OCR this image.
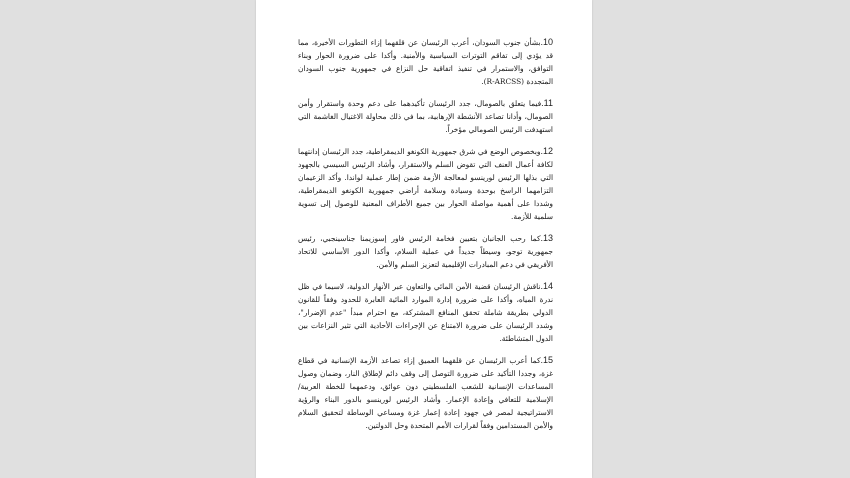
10.بشأن جنوب السودان، أعرب الرئيسان عن قلقهما إزاء التطورات الأخيرة، مما قد يؤدي إلى تفاقم التوترات السياسية والأمنية. وأكدا على ضرورة الحوار وبناء التوافق، والاستمرار في تنفيذ اتفاقية حل النزاع في جمهورية جنوب السودان المتجددة (R-ARCSS).

11.فيما يتعلق بالصومال، جدد الرئيسان تأكيدهما على دعم وحدة واستقرار وأمن الصومال، وأدانا تصاعد الأنشطة الإرهابية، بما في ذلك محاولة الاغتيال الغاشمة التي استهدفت الرئيس الصومالي مؤخراً.

12.وبخصوص الوضع في شرق جمهورية الكونغو الديمقراطية، جدد الرئيسان إدانتهما لكافة أعمال العنف التي تقوض السلم والاستقرار، وأشاد الرئيس السيسي بالجهود التي بذلها الرئيس لورينسو لمعالجة الأزمة ضمن إطار عملية لواندا. وأكد الزعيمان التزامهما الراسخ بوحدة وسيادة وسلامة أراضي جمهورية الكونغو الديمقراطية، وشددا على أهمية مواصلة الحوار بين جميع الأطراف المعنية للوصول إلى تسوية سلمية للأزمة.

13.كما رحب الجانبان بتعيين فخامة الرئيس فاور إسوزيمنا جناسينجبي، رئيس جمهورية توجو، وسيطاً جديداً في عملية السلام، وأكدا الدور الأساسي للاتحاد الأفريقي في دعم المبادرات الإقليمية لتعزيز السلم والأمن.

14.ناقش الرئيسان قضية الأمن المائي والتعاون عبر الأنهار الدولية، لاسيما في ظل ندرة المياه، وأكدا على ضرورة إدارة الموارد المائية العابرة للحدود وفقاً للقانون الدولي بطريقة شاملة تحقق المنافع المشتركة، مع احترام مبدأ "عدم الإضرار"، وشدد الرئيسان على ضرورة الامتناع عن الإجراءات الأحادية التي تثير النزاعات بين الدول المتشاطئة.

15.كما أعرب الرئيسان عن قلقهما العميق إزاء تصاعد الأزمة الإنسانية في قطاع غزة، وجددا التأكيد على ضرورة التوصل إلى وقف دائم لإطلاق النار، وضمان وصول المساعدات الإنسانية للشعب الفلسطيني دون عوائق، ودعمهما للخطة العربية/ الإسلامية للتعافي وإعادة الإعمار. وأشاد الرئيس لورينسو بالدور البناء والرؤية الاستراتيجية لمصر في جهود إعادة إعمار غزة ومساعي الوساطة لتحقيق السلام والأمن المستدامين وفقاً لقرارات الأمم المتحدة وحل الدولتين.
